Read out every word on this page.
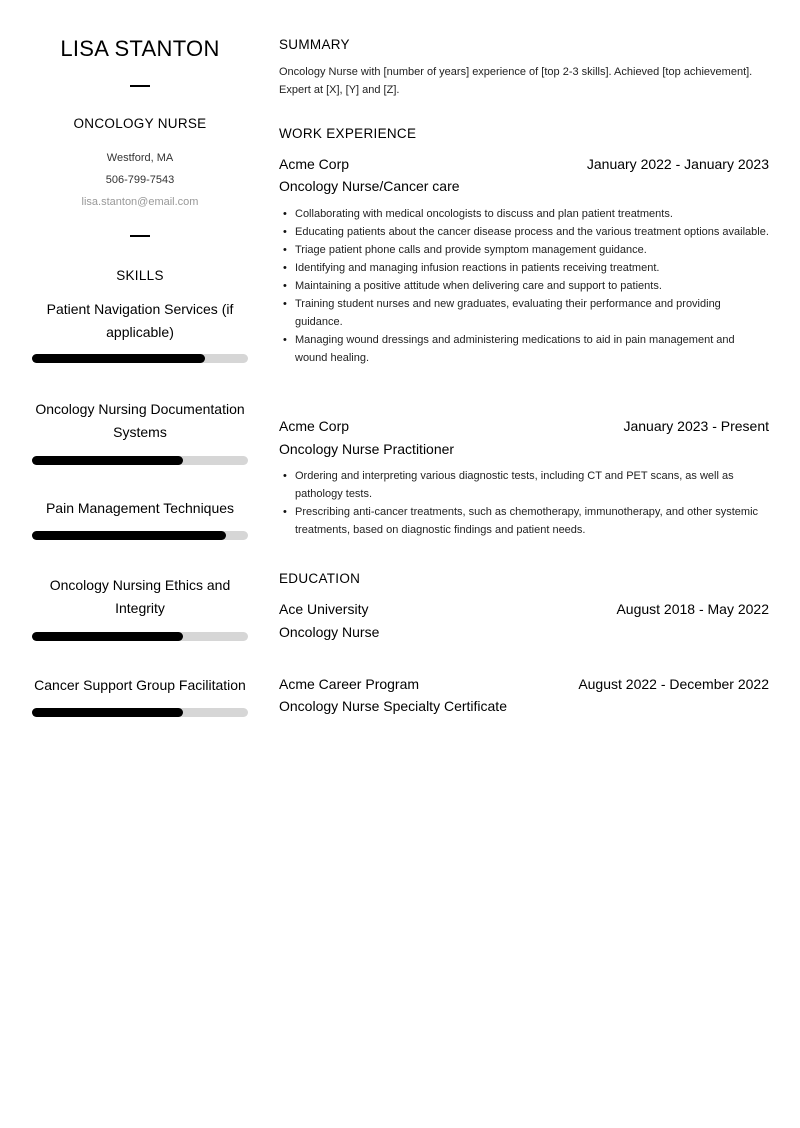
LISA STANTON
ONCOLOGY NURSE
Westford, MA
506-799-7543
lisa.stanton@email.com
SKILLS
Patient Navigation Services (if applicable)
Oncology Nursing Documentation Systems
Pain Management Techniques
Oncology Nursing Ethics and Integrity
Cancer Support Group Facilitation
SUMMARY
Oncology Nurse with [number of years] experience of [top 2-3 skills]. Achieved [top achievement]. Expert at [X], [Y] and [Z].
WORK EXPERIENCE
Acme Corp	January 2022 - January 2023
Oncology Nurse/Cancer care
• Collaborating with medical oncologists to discuss and plan patient treatments.
• Educating patients about the cancer disease process and the various treatment options available.
• Triage patient phone calls and provide symptom management guidance.
• Identifying and managing infusion reactions in patients receiving treatment.
• Maintaining a positive attitude when delivering care and support to patients.
• Training student nurses and new graduates, evaluating their performance and providing guidance.
• Managing wound dressings and administering medications to aid in pain management and wound healing.
Acme Corp	January 2023 - Present
Oncology Nurse Practitioner
• Ordering and interpreting various diagnostic tests, including CT and PET scans, as well as pathology tests.
• Prescribing anti-cancer treatments, such as chemotherapy, immunotherapy, and other systemic treatments, based on diagnostic findings and patient needs.
EDUCATION
Ace University	August 2018 - May 2022
Oncology Nurse
Acme Career Program	August 2022 - December 2022
Oncology Nurse Specialty Certificate
